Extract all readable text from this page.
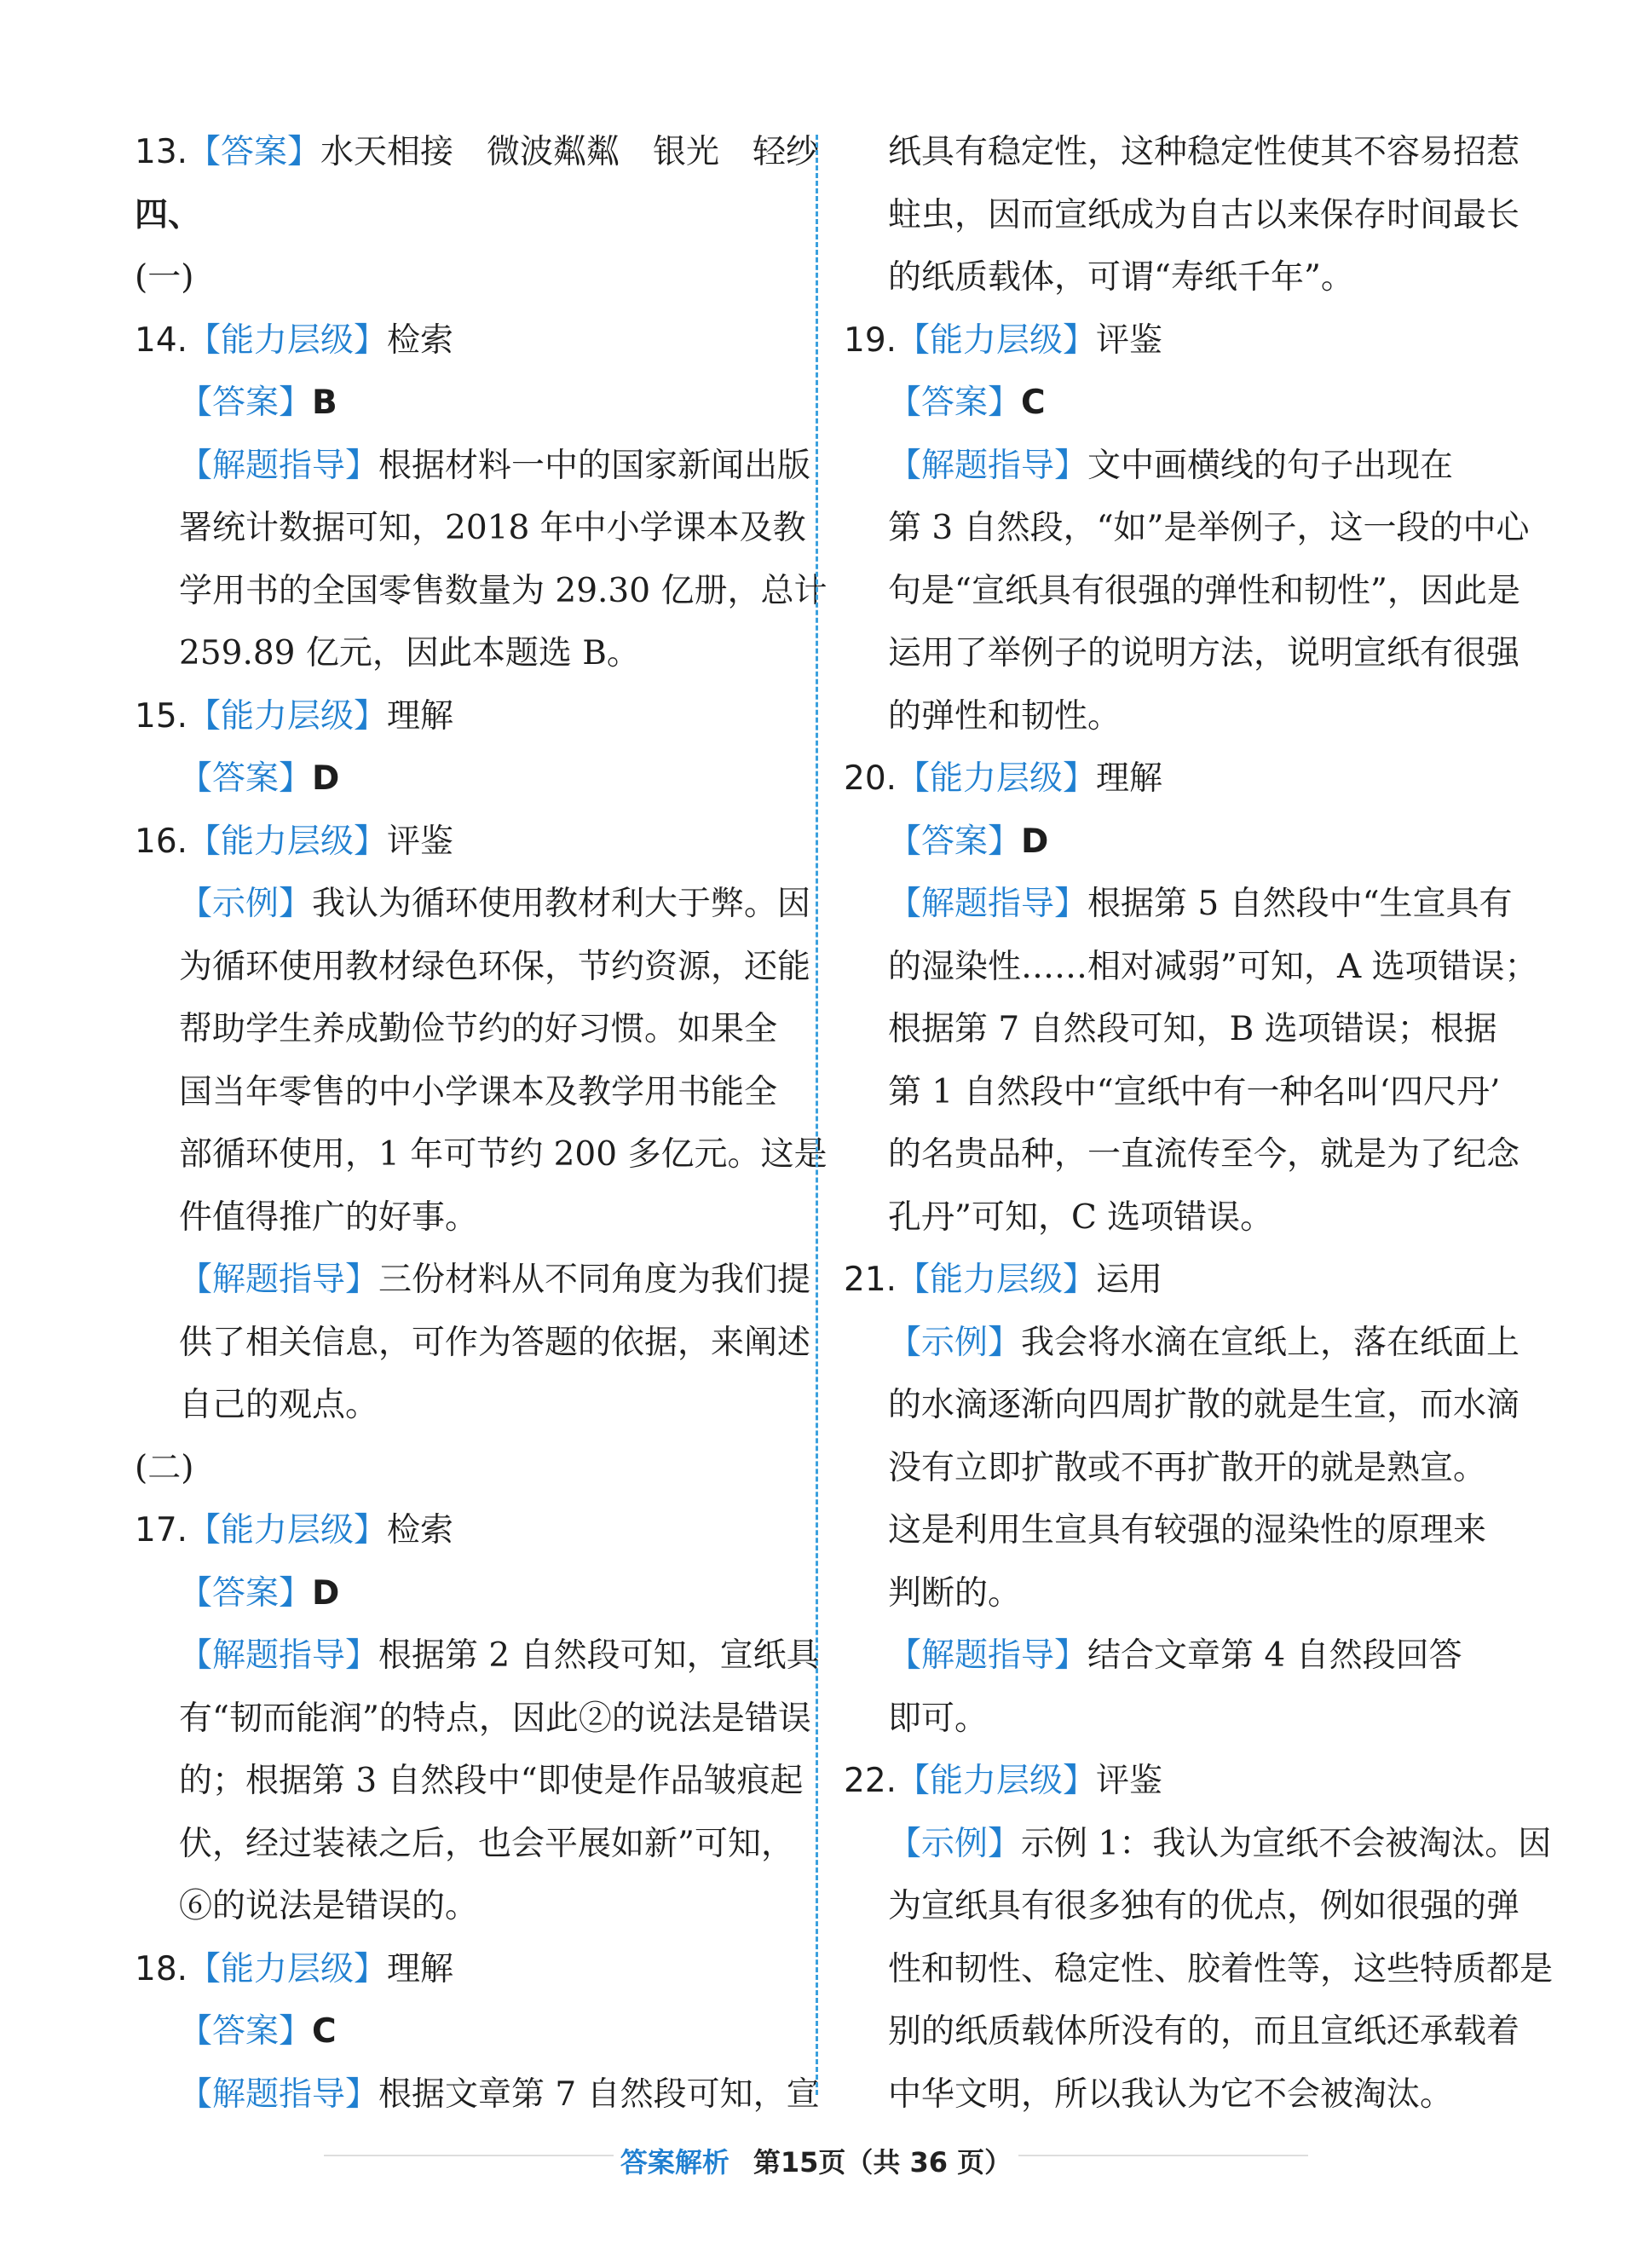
13.【答案】水天相接　微波粼粼　银光　轻纱
四、
(一)
14.【能力层级】检索
【答案】B
【解题指导】根据材料一中的国家新闻出版
署统计数据可知，2018 年中小学课本及教
学用书的全国零售数量为 29.30 亿册，总计
259.89 亿元，因此本题选 B。
15.【能力层级】理解
【答案】D
16.【能力层级】评鉴
【示例】我认为循环使用教材利大于弊。因
为循环使用教材绿色环保，节约资源，还能
帮助学生养成勤俭节约的好习惯。如果全
国当年零售的中小学课本及教学用书能全
部循环使用，1 年可节约 200 多亿元。这是
件值得推广的好事。
【解题指导】三份材料从不同角度为我们提
供了相关信息，可作为答题的依据，来阐述
自己的观点。
(二)
17.【能力层级】检索
【答案】D
【解题指导】根据第 2 自然段可知，宣纸具
有“韧而能润”的特点，因此②的说法是错误
的；根据第 3 自然段中“即使是作品皱痕起
伏，经过装裱之后，也会平展如新”可知，
⑥的说法是错误的。
18.【能力层级】理解
【答案】C
【解题指导】根据文章第 7 自然段可知，宣
纸具有稳定性，这种稳定性使其不容易招惹
蛀虫，因而宣纸成为自古以来保存时间最长
的纸质载体，可谓“寿纸千年”。
19.【能力层级】评鉴
【答案】C
【解题指导】文中画横线的句子出现在
第 3 自然段，“如”是举例子，这一段的中心
句是“宣纸具有很强的弹性和韧性”，因此是
运用了举例子的说明方法，说明宣纸有很强
的弹性和韧性。
20.【能力层级】理解
【答案】D
【解题指导】根据第 5 自然段中“生宣具有
的湿染性……相对减弱”可知，A 选项错误；
根据第 7 自然段可知，B 选项错误；根据
第 1 自然段中“宣纸中有一种名叫‘四尺丹’
的名贵品种，一直流传至今，就是为了纪念
孔丹”可知，C 选项错误。
21.【能力层级】运用
【示例】我会将水滴在宣纸上，落在纸面上
的水滴逐渐向四周扩散的就是生宣，而水滴
没有立即扩散或不再扩散开的就是熟宣。
这是利用生宣具有较强的湿染性的原理来
判断的。
【解题指导】结合文章第 4 自然段回答
即可。
22.【能力层级】评鉴
【示例】示例 1：我认为宣纸不会被淘汰。因
为宣纸具有很多独有的优点，例如很强的弹
性和韧性、稳定性、胶着性等，这些特质都是
别的纸质载体所没有的，而且宣纸还承载着
中华文明，所以我认为它不会被淘汰。
答案解析 第15页（共 36 页）
